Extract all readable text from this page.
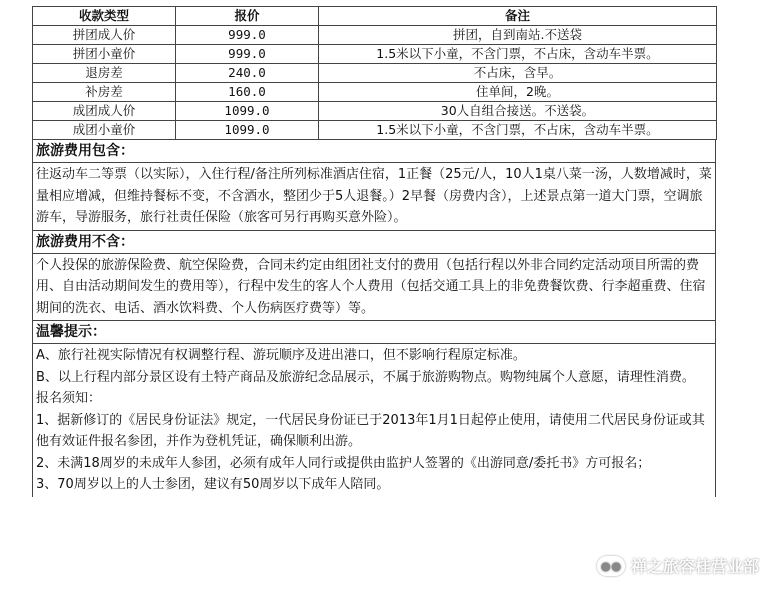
收款类型	报价	备注
拼团成人价	999.0	拼团，自到南站.不送袋
拼团小童价	999.0	1.5米以下小童，不含门票，不占床，含动车半票。
退房差	240.0	不占床，含早。
补房差	160.0	住单间，2晚。
成团成人价	1099.0	30人自组合接送。不送袋。
成团小童价	1099.0	1.5米以下小童，不含门票，不占床，含动车半票。
旅游费用包含：

往返动车二等票（以实际），入住行程/备注所列标准酒店住宿，1正餐（25元/人，10人1桌八菜一汤，人数增减时，菜量相应增减，但维持餐标不变，不含酒水，整团少于5人退餐。）2早餐（房费内含），上述景点第一道大门票，空调旅游车，导游服务，旅行社责任保险（旅客可另行再购买意外险）。

旅游费用不含：

个人投保的旅游保险费、航空保险费，合同未约定由组团社支付的费用（包括行程以外非合同约定活动项目所需的费用、自由活动期间发生的费用等），行程中发生的客人个人费用（包括交通工具上的非免费餐饮费、行李超重费、住宿期间的洗衣、电话、酒水饮料费、个人伤病医疗费等）等。

温馨提示：

A、旅行社视实际情况有权调整行程、游玩顺序及进出港口，但不影响行程原定标准。

B、以上行程内部分景区设有土特产商品及旅游纪念品展示，不属于旅游购物点。购物纯属个人意愿，请理性消费。

报名须知：

1、据新修订的《居民身份证法》规定，一代居民身份证已于2013年1月1日起停止使用，请使用二代居民身份证或其他有效证件报名参团，并作为登机凭证，确保顺利出游。

2、未满18周岁的未成年人参团，必须有成年人同行或提供由监护人签署的《出游同意/委托书》方可报名；

3、70周岁以上的人士参团，建议有50周岁以下成年人陪同。

●● 禅之旅容桂营业部
